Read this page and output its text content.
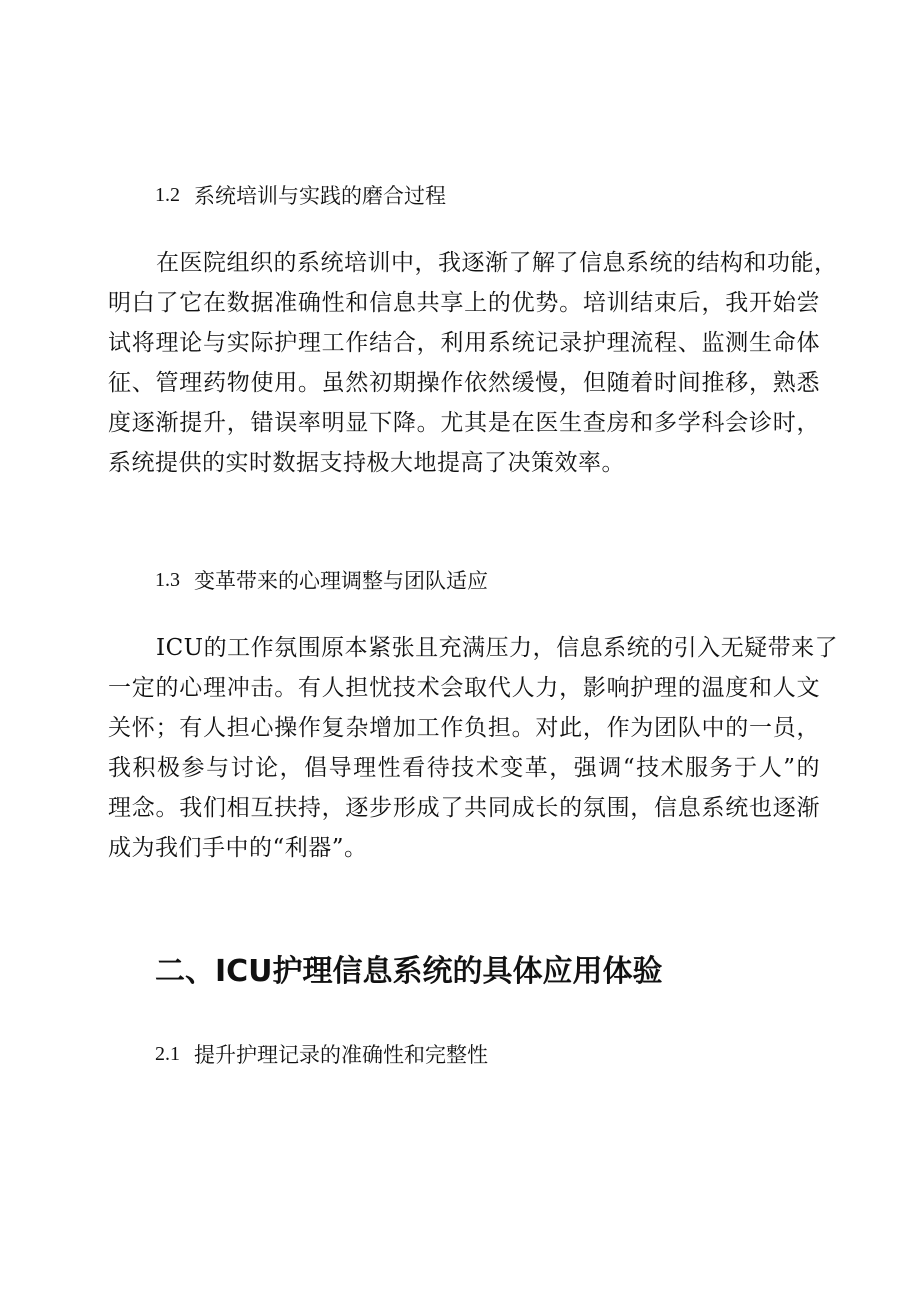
1.2 系统培训与实践的磨合过程
在医院组织的系统培训中，我逐渐了解了信息系统的结构和功能，
明白了它在数据准确性和信息共享上的优势。培训结束后，我开始尝
试将理论与实际护理工作结合，利用系统记录护理流程、监测生命体
征、管理药物使用。虽然初期操作依然缓慢，但随着时间推移，熟悉
度逐渐提升，错误率明显下降。尤其是在医生查房和多学科会诊时，
系统提供的实时数据支持极大地提高了决策效率。
1.3 变革带来的心理调整与团队适应
ICU的工作氛围原本紧张且充满压力，信息系统的引入无疑带来了
一定的心理冲击。有人担忧技术会取代人力，影响护理的温度和人文
关怀；有人担心操作复杂增加工作负担。对此，作为团队中的一员，
我积极参与讨论，倡导理性看待技术变革，强调“技术服务于人”的
理念。我们相互扶持，逐步形成了共同成长的氛围，信息系统也逐渐
成为我们手中的“利器”。
二、ICU护理信息系统的具体应用体验
2.1 提升护理记录的准确性和完整性
